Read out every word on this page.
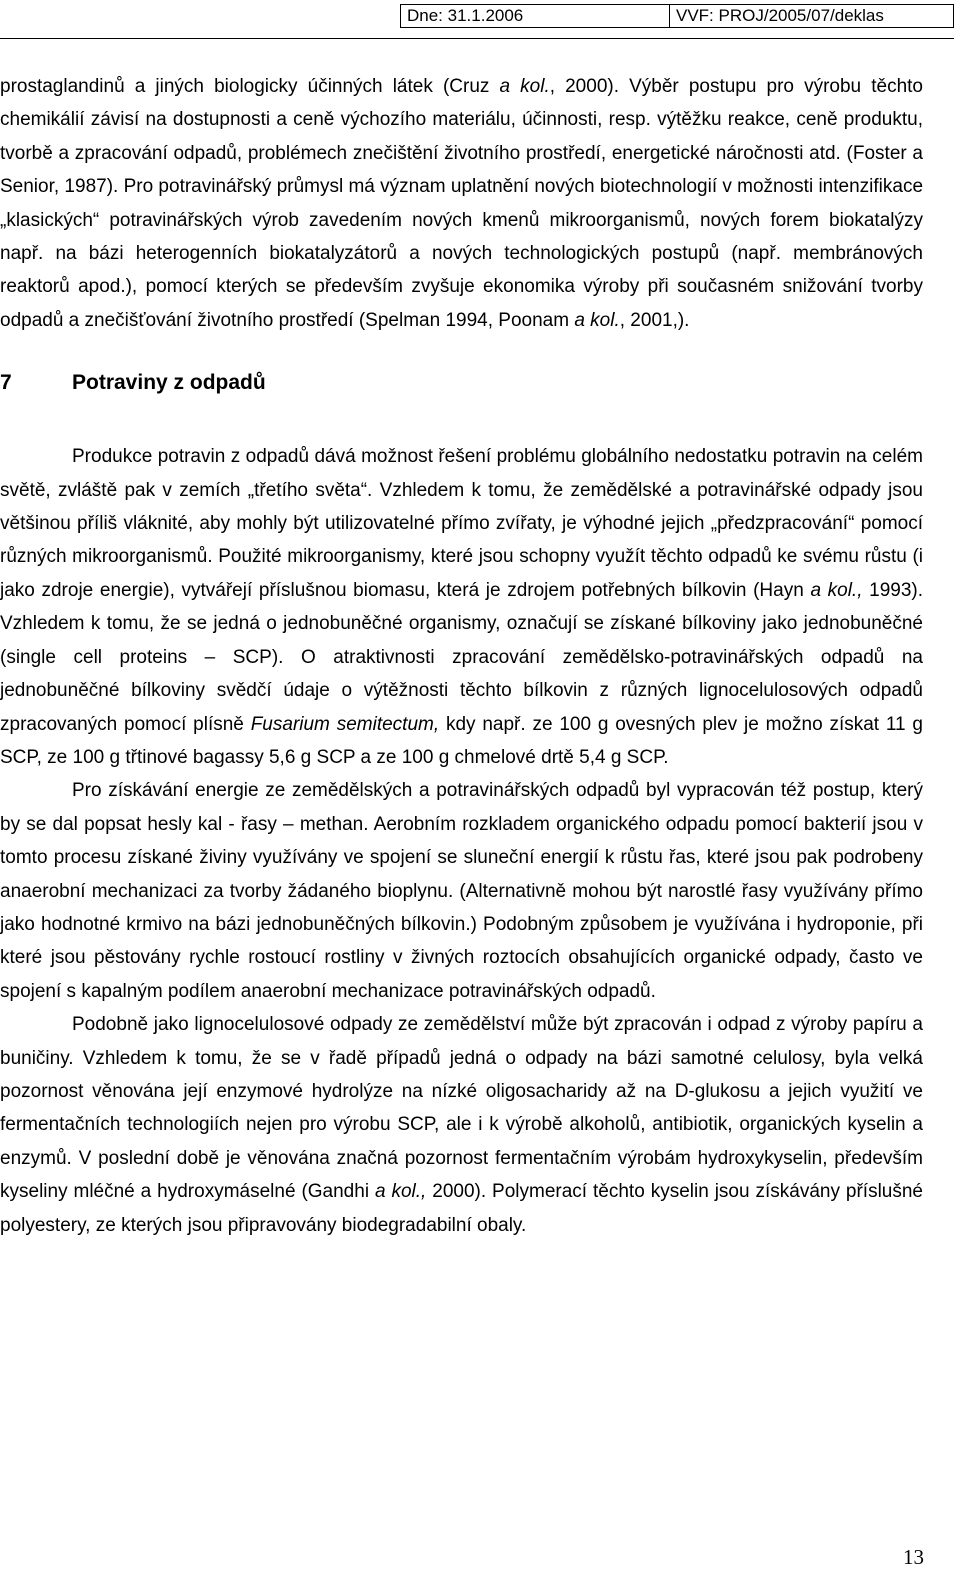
Dne: 31.1.2006	VVF: PROJ/2005/07/deklas

prostaglandinů a jiných biologicky účinných látek (Cruz a kol., 2000). Výběr postupu pro výrobu těchto chemikálií závisí na dostupnosti a ceně výchozího materiálu, účinnosti, resp. výtěžku reakce, ceně produktu, tvorbě a zpracování odpadů, problémech znečištění životního prostředí, energetické náročnosti atd. (Foster a Senior, 1987). Pro potravinářský průmysl má význam uplatnění nových biotechnologií v možnosti intenzifikace „klasických“ potravinářských výrob zavedením nových kmenů mikroorganismů, nových forem biokatalýzy např. na bázi heterogenních biokatalyzátorů a nových technologických postupů (např. membránových reaktorů apod.), pomocí kterých se především zvyšuje ekonomika výroby při současném snižování tvorby odpadů a znečišťování životního prostředí (Spelman 1994, Poonam a kol., 2001,).

7	Potraviny z odpadů

Produkce potravin z odpadů dává možnost řešení problému globálního nedostatku potravin na celém světě, zvláště pak v zemích „třetího světa“. Vzhledem k tomu, že zemědělské a potravinářské odpady jsou většinou příliš vláknité, aby mohly být utilizovatelné přímo zvířaty, je výhodné jejich „předzpracování“ pomocí různých mikroorganismů. Použité mikroorganismy, které jsou schopny využít těchto odpadů ke svému růstu (i jako zdroje energie), vytvářejí příslušnou biomasu, která je zdrojem potřebných bílkovin (Hayn a kol., 1993). Vzhledem k tomu, že se jedná o jednobuněčné organismy, označují se získané bílkoviny jako jednobuněčné (single cell proteins – SCP). O atraktivnosti zpracování zemědělsko-potravinářských odpadů na jednobuněčné bílkoviny svědčí údaje o výtěžnosti těchto bílkovin z různých lignocelulosových odpadů zpracovaných pomocí plísně Fusarium semitectum, kdy např. ze 100 g ovesných plev je možno získat 11 g SCP, ze 100 g třtinové bagassy 5,6 g SCP a ze 100 g chmelové drtě 5,4 g SCP.

Pro získávání energie ze zemědělských a potravinářských odpadů byl vypracován též postup, který by se dal popsat hesly kal - řasy – methan. Aerobním rozkladem organického odpadu pomocí bakterií jsou v tomto procesu získané živiny využívány ve spojení se sluneční energií k růstu řas, které jsou pak podrobeny anaerobní mechanizaci za tvorby žádaného bioplynu. (Alternativně mohou být narostlé řasy využívány přímo jako hodnotné krmivo na bázi jednobuněčných bílkovin.) Podobným způsobem je využívána i hydroponie, při které jsou pěstovány rychle rostoucí rostliny v živných roztocích obsahujících organické odpady, často ve spojení s kapalným podílem anaerobní mechanizace potravinářských odpadů.

Podobně jako lignocelulosové odpady ze zemědělství může být zpracován i odpad z výroby papíru a buničiny. Vzhledem k tomu, že se v řadě případů jedná o odpady na bázi samotné celulosy, byla velká pozornost věnována její enzymové hydrolýze na nízké oligosacharidy až na D-glukosu a jejich využití ve fermentačních technologiích nejen pro výrobu SCP, ale i k výrobě alkoholů, antibiotik, organických kyselin a enzymů. V poslední době je věnována značná pozornost fermentačním výrobám hydroxykyselin, především kyseliny mléčné a hydroxymáselné (Gandhi a kol., 2000). Polymerací těchto kyselin jsou získávány příslušné polyestery, ze kterých jsou připravovány biodegradabilní obaly.

13
